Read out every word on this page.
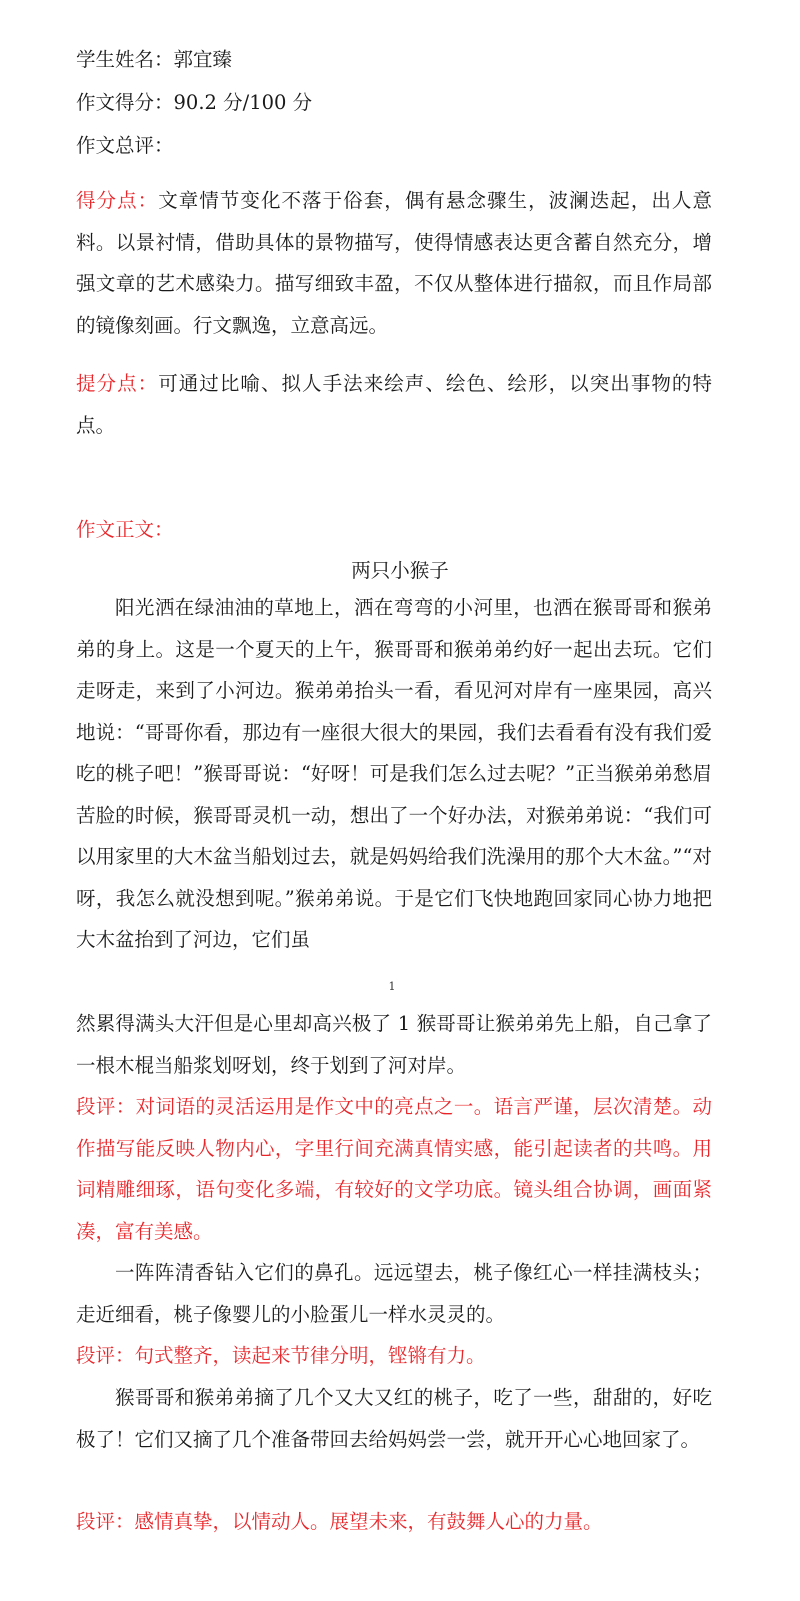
学生姓名：郭宜臻
作文得分：90.2 分/100 分
作文总评：
得分点：文章情节变化不落于俗套，偶有悬念骤生，波澜迭起，出人意料。以景衬情，借助具体的景物描写，使得情感表达更含蓄自然充分，增强文章的艺术感染力。描写细致丰盈，不仅从整体进行描叙，而且作局部的镜像刻画。行文飘逸，立意高远。
提分点：可通过比喻、拟人手法来绘声、绘色、绘形，以突出事物的特点。
作文正文：
两只小猴子
阳光洒在绿油油的草地上，洒在弯弯的小河里，也洒在猴哥哥和猴弟弟的身上。这是一个夏天的上午，猴哥哥和猴弟弟约好一起出去玩。它们走呀走，来到了小河边。猴弟弟抬头一看，看见河对岸有一座果园，高兴地说：“哥哥你看，那边有一座很大很大的果园，我们去看看有没有我们爱吃的桃子吧！”猴哥哥说：“好呀！可是我们怎么过去呢？”正当猴弟弟愁眉苦脸的时候，猴哥哥灵机一动，想出了一个好办法，对猴弟弟说：“我们可以用家里的大木盆当船划过去，就是妈妈给我们洗澡用的那个大木盆。”“对呀，我怎么就没想到呢。”猴弟弟说。于是它们飞快地跑回家同心协力地把大木盆抬到了河边，它们虽
1
然累得满头大汗但是心里却高兴极了 1 猴哥哥让猴弟弟先上船，自己拿了一根木棍当船浆划呀划，终于划到了河对岸。
段评：对词语的灵活运用是作文中的亮点之一。语言严谨，层次清楚。动作描写能反映人物内心，字里行间充满真情实感，能引起读者的共鸣。用词精雕细琢，语句变化多端，有较好的文学功底。镜头组合协调，画面紧凑，富有美感。
一阵阵清香钻入它们的鼻孔。远远望去，桃子像红心一样挂满枝头；走近细看，桃子像婴儿的小脸蛋儿一样水灵灵的。
段评：句式整齐，读起来节律分明，铿锵有力。
猴哥哥和猴弟弟摘了几个又大又红的桃子，吃了一些，甜甜的，好吃极了！它们又摘了几个准备带回去给妈妈尝一尝，就开开心心地回家了。
段评：感情真挚，以情动人。展望未来，有鼓舞人心的力量。
